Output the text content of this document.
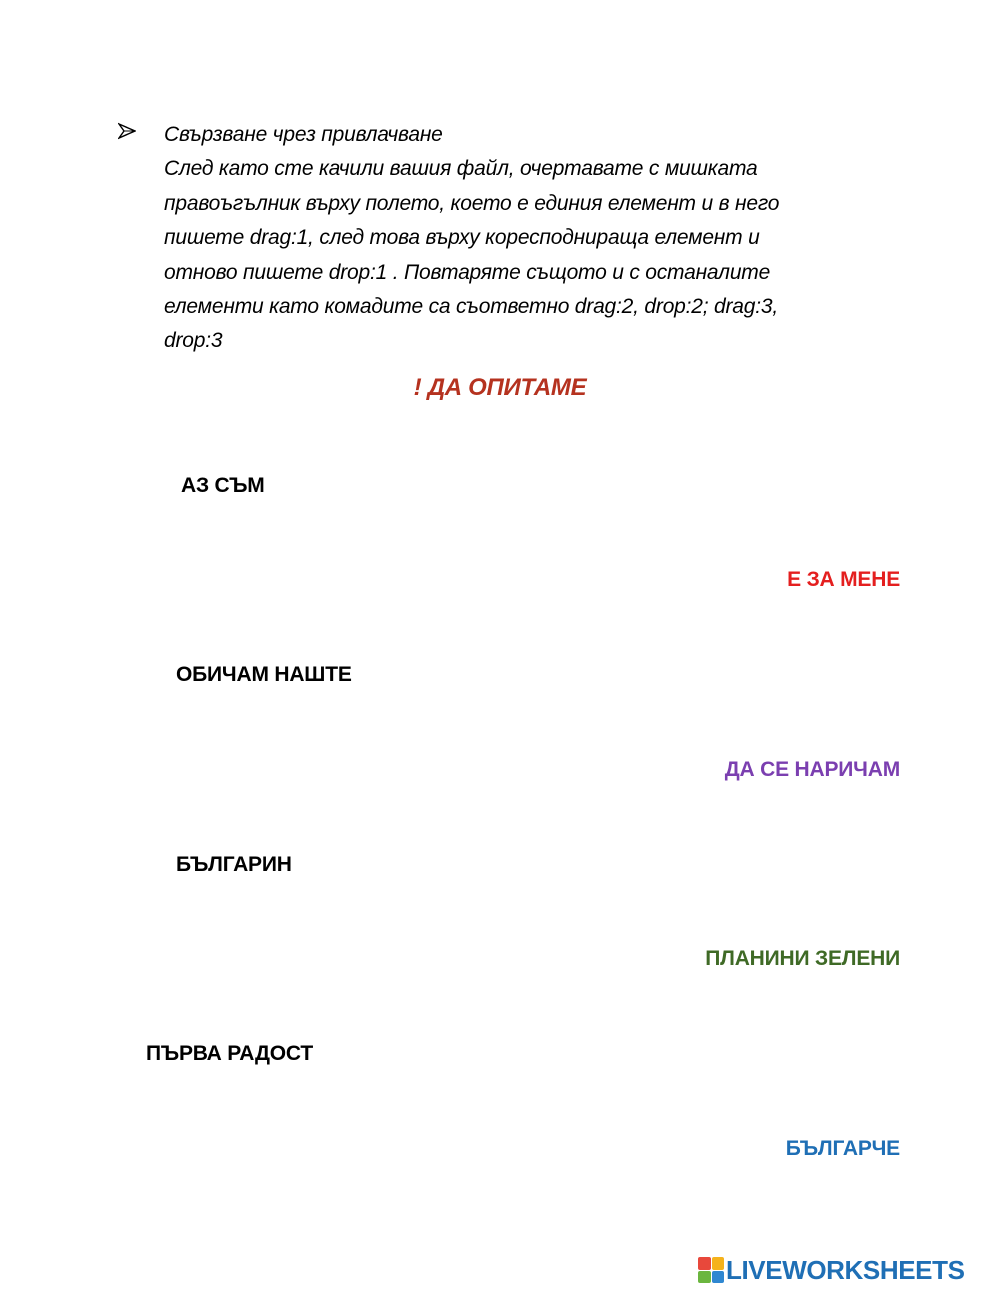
Свързване чрез привлачване
След като сте качили вашия файл, очертавате с мишката
правоъгълник върху полето, което е единия елемент и в него
пишете drag:1, след това върху коресподнираща елемент и
отново пишете drop:1 . Повтаряте същото и с останалите
елементи като комадите са съответно drag:2, drop:2; drag:3,
drop:3
! ДА ОПИТАМЕ
АЗ СЪМ
Е ЗА МЕНЕ
ОБИЧАМ НАШТЕ
ДА СЕ НАРИЧАМ
БЪЛГАРИН
ПЛАНИНИ ЗЕЛЕНИ
ПЪРВА РАДОСТ
БЪЛГАРЧЕ
LIVEWORKSHEETS
